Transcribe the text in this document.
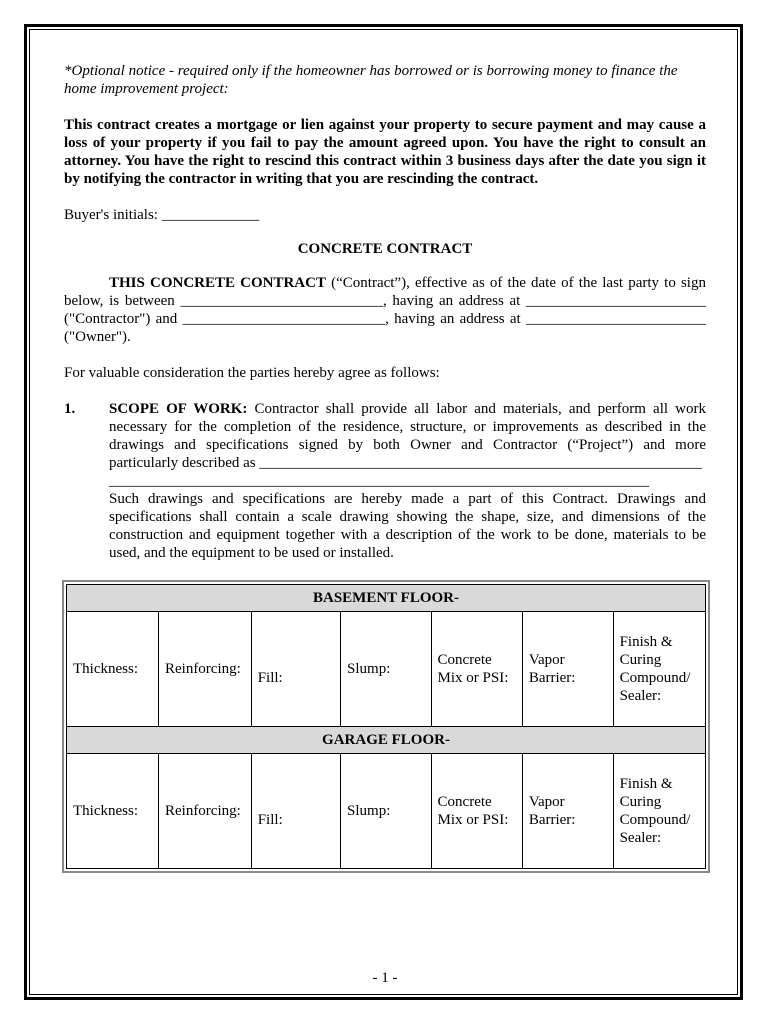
*Optional notice - required only if the homeowner has borrowed or is borrowing money to finance the home improvement project:

This contract creates a mortgage or lien against your property to secure payment and may cause a loss of your property if you fail to pay the amount agreed upon. You have the right to consult an attorney. You have the right to rescind this contract within 3 business days after the date you sign it by notifying the contractor in writing that you are rescinding the contract.

Buyer's initials: _____________

CONCRETE CONTRACT

THIS CONCRETE CONTRACT (“Contract”), effective as of the date of the last party to sign below, is between ___________________________, having an address at ________________________ ("Contractor") and ___________________________, having an address at ________________________ ("Owner").

For valuable consideration the parties hereby agree as follows:

1.	SCOPE OF WORK: Contractor shall provide all labor and materials, and perform all work necessary for the completion of the residence, structure, or improvements as described in the drawings and specifications signed by both Owner and Contractor (“Project”) and more particularly described as ___________________________________________________________

________________________________________________________________________

Such drawings and specifications are hereby made a part of this Contract. Drawings and specifications shall contain a scale drawing showing the shape, size, and dimensions of the construction and equipment together with a description of the work to be done, materials to be used, and the equipment to be used or installed.

BASEMENT FLOOR-						
Thickness:	Reinforcing:	Fill:	Slump:	Concrete Mix or PSI:	Vapor Barrier:	Finish & Curing Compound/ Sealer:
GARAGE FLOOR-						
Thickness:	Reinforcing:	Fill:	Slump:	Concrete Mix or PSI:	Vapor Barrier:	Finish & Curing Compound/ Sealer:
- 1 -
